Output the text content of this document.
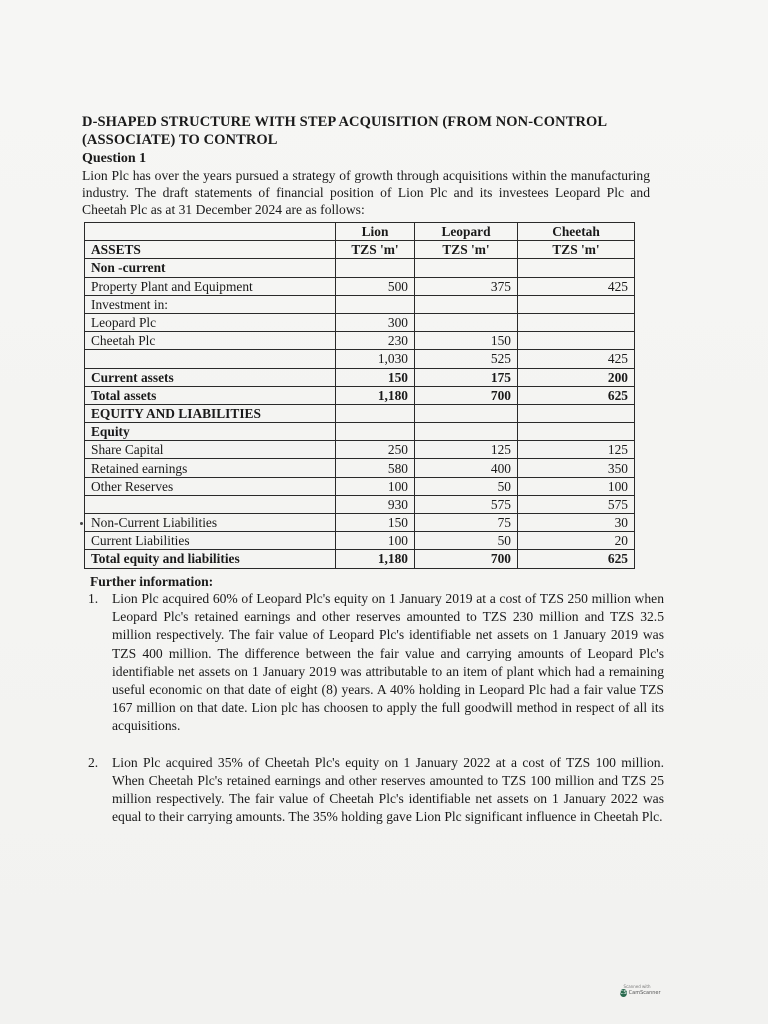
D-SHAPED STRUCTURE WITH STEP ACQUISITION (FROM NON-CONTROL (ASSOCIATE) TO CONTROL
Question 1
Lion Plc has over the years pursued a strategy of growth through acquisitions within the manufacturing industry. The draft statements of financial position of Lion Plc and its investees Leopard Plc and Cheetah Plc as at 31 December 2024 are as follows:
	Lion	Leopard	Cheetah
ASSETS	TZS 'm'	TZS 'm'	TZS 'm'
Non -current			
Property Plant and Equipment	500	375	425
Investment in:			
Leopard Plc	300		
Cheetah Plc	230	150	
	1,030	525	425
Current assets	150	175	200
Total assets	1,180	700	625
EQUITY AND LIABILITIES			
Equity			
Share Capital	250	125	125
Retained earnings	580	400	350
Other Reserves	100	50	100
	930	575	575
Non-Current Liabilities	150	75	30
Current Liabilities	100	50	20
Total equity and liabilities	1,180	700	625
Further information:
1. Lion Plc acquired 60% of Leopard Plc's equity on 1 January 2019 at a cost of TZS 250 million when Leopard Plc's retained earnings and other reserves amounted to TZS 230 million and TZS 32.5 million respectively. The fair value of Leopard Plc's identifiable net assets on 1 January 2019 was TZS 400 million. The difference between the fair value and carrying amounts of Leopard Plc's identifiable net assets on 1 January 2019 was attributable to an item of plant which had a remaining useful economic on that date of eight (8) years. A 40% holding in Leopard Plc had a fair value TZS 167 million on that date. Lion plc has choosen to apply the full goodwill method in respect of all its acquisitions.
2. Lion Plc acquired 35% of Cheetah Plc's equity on 1 January 2022 at a cost of TZS 100 million. When Cheetah Plc's retained earnings and other reserves amounted to TZS 100 million and TZS 25 million respectively. The fair value of Cheetah Plc's identifiable net assets on 1 January 2022 was equal to their carrying amounts. The 35% holding gave Lion Plc significant influence in Cheetah Plc.
Scanned with
CS CamScanner
